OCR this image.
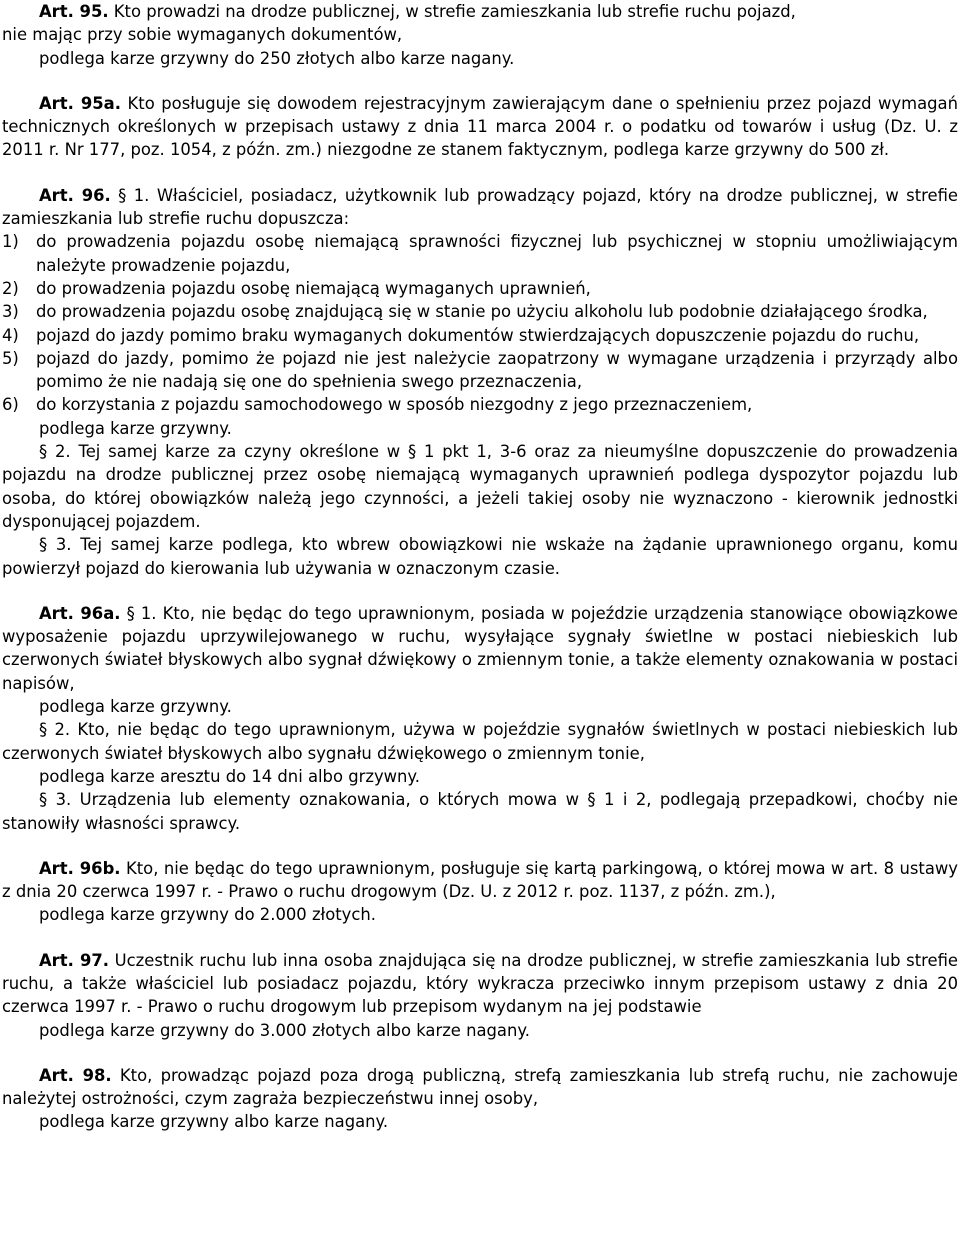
Art. 95. Kto prowadzi na drodze publicznej, w strefie zamieszkania lub strefie ruchu pojazd,

nie mając przy sobie wymaganych dokumentów,

podlega karze grzywny do 250 złotych albo karze nagany.

Art. 95a. Kto posługuje się dowodem rejestracyjnym zawierającym dane o spełnieniu przez pojazd wymagań technicznych określonych w przepisach ustawy z dnia 11 marca 2004 r. o podatku od towarów i usług (Dz. U. z 2011 r. Nr 177, poz. 1054, z późn. zm.) niezgodne ze stanem faktycznym, podlega karze grzywny do 500 zł.

Art. 96. § 1. Właściciel, posiadacz, użytkownik lub prowadzący pojazd, który na drodze publicznej, w strefie zamieszkania lub strefie ruchu dopuszcza:

1)	do prowadzenia pojazdu osobę niemającą sprawności fizycznej lub psychicznej w stopniu umożliwiającym należyte prowadzenie pojazdu,
2)	do prowadzenia pojazdu osobę niemającą wymaganych uprawnień,
3)	do prowadzenia pojazdu osobę znajdującą się w stanie po użyciu alkoholu lub podobnie działającego środka,
4)	pojazd do jazdy pomimo braku wymaganych dokumentów stwierdzających dopuszczenie pojazdu do ruchu,
5)	pojazd do jazdy, pomimo że pojazd nie jest należycie zaopatrzony w wymagane urządzenia i przyrządy albo pomimo że nie nadają się one do spełnienia swego przeznaczenia,
6)	do korzystania z pojazdu samochodowego w sposób niezgodny z jego przeznaczeniem,

podlega karze grzywny.

§ 2. Tej samej karze za czyny określone w § 1 pkt 1, 3-6 oraz za nieumyślne dopuszczenie do prowadzenia pojazdu na drodze publicznej przez osobę niemającą wymaganych uprawnień podlega dyspozytor pojazdu lub osoba, do której obowiązków należą jego czynności, a jeżeli takiej osoby nie wyznaczono - kierownik jednostki dysponującej pojazdem.

§ 3. Tej samej karze podlega, kto wbrew obowiązkowi nie wskaże na żądanie uprawnionego organu, komu powierzył pojazd do kierowania lub używania w oznaczonym czasie.

Art. 96a. § 1. Kto, nie będąc do tego uprawnionym, posiada w pojeździe urządzenia stanowiące obowiązkowe wyposażenie pojazdu uprzywilejowanego w ruchu, wysyłające sygnały świetlne w postaci niebieskich lub czerwonych świateł błyskowych albo sygnał dźwiękowy o zmiennym tonie, a także elementy oznakowania w postaci napisów,

podlega karze grzywny.

§ 2. Kto, nie będąc do tego uprawnionym, używa w pojeździe sygnałów świetlnych w postaci niebieskich lub czerwonych świateł błyskowych albo sygnału dźwiękowego o zmiennym tonie,

podlega karze aresztu do 14 dni albo grzywny.

§ 3. Urządzenia lub elementy oznakowania, o których mowa w § 1 i 2, podlegają przepadkowi, choćby nie stanowiły własności sprawcy.

Art. 96b. Kto, nie będąc do tego uprawnionym, posługuje się kartą parkingową, o której mowa w art. 8 ustawy z dnia 20 czerwca 1997 r. - Prawo o ruchu drogowym (Dz. U. z 2012 r. poz. 1137, z późn. zm.),

podlega karze grzywny do 2.000 złotych.

Art. 97. Uczestnik ruchu lub inna osoba znajdująca się na drodze publicznej, w strefie zamieszkania lub strefie ruchu, a także właściciel lub posiadacz pojazdu, który wykracza przeciwko innym przepisom ustawy z dnia 20 czerwca 1997 r. - Prawo o ruchu drogowym lub przepisom wydanym na jej podstawie

podlega karze grzywny do 3.000 złotych albo karze nagany.

Art. 98. Kto, prowadząc pojazd poza drogą publiczną, strefą zamieszkania lub strefą ruchu, nie zachowuje należytej ostrożności, czym zagraża bezpieczeństwu innej osoby,

podlega karze grzywny albo karze nagany.
